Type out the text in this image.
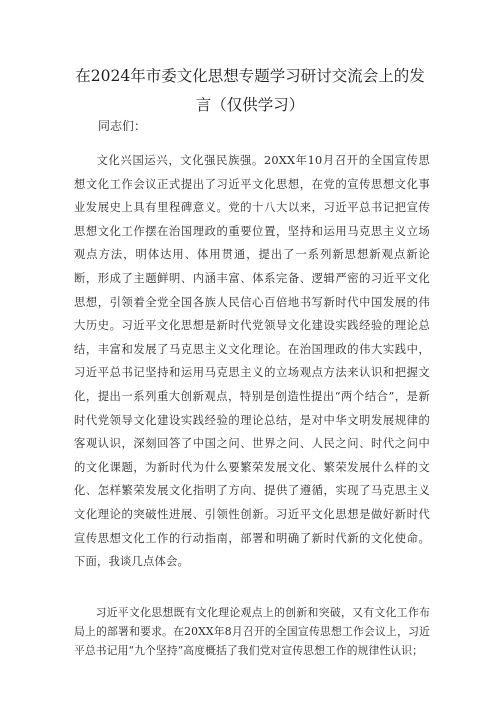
在2024年市委文化思想专题学习研讨交流会上的发言（仅供学习）
同志们：
文化兴国运兴，文化强民族强。20XX年10月召开的全国宣传思想文化工作会议正式提出了习近平文化思想，在党的宣传思想文化事业发展史上具有里程碑意义。党的十八大以来，习近平总书记把宣传思想文化工作摆在治国理政的重要位置，坚持和运用马克思主义立场观点方法，明体达用、体用贯通，提出了一系列新思想新观点新论断，形成了主题鲜明、内涵丰富、体系完备、逻辑严密的习近平文化思想，引领着全党全国各族人民信心百倍地书写新时代中国发展的伟大历史。习近平文化思想是新时代党领导文化建设实践经验的理论总结，丰富和发展了马克思主义文化理论。在治国理政的伟大实践中，习近平总书记坚持和运用马克思主义的立场观点方法来认识和把握文化，提出一系列重大创新观点，特别是创造性提出“两个结合”，是新时代党领导文化建设实践经验的理论总结，是对中华文明发展规律的客观认识，深刻回答了中国之问、世界之问、人民之问、时代之问中的文化课题，为新时代为什么要繁荣发展文化、繁荣发展什么样的文化、怎样繁荣发展文化指明了方向、提供了遵循，实现了马克思主义文化理论的突破性进展、引领性创新。习近平文化思想是做好新时代宣传思想文化工作的行动指南，部署和明确了新时代新的文化使命。下面，我谈几点体会。
习近平文化思想既有文化理论观点上的创新和突破，又有文化工作布局上的部署和要求。在20XX年8月召开的全国宣传思想工作会议上，习近平总书记用“九个坚持”高度概括了我们党对宣传思想工作的规律性认识；
